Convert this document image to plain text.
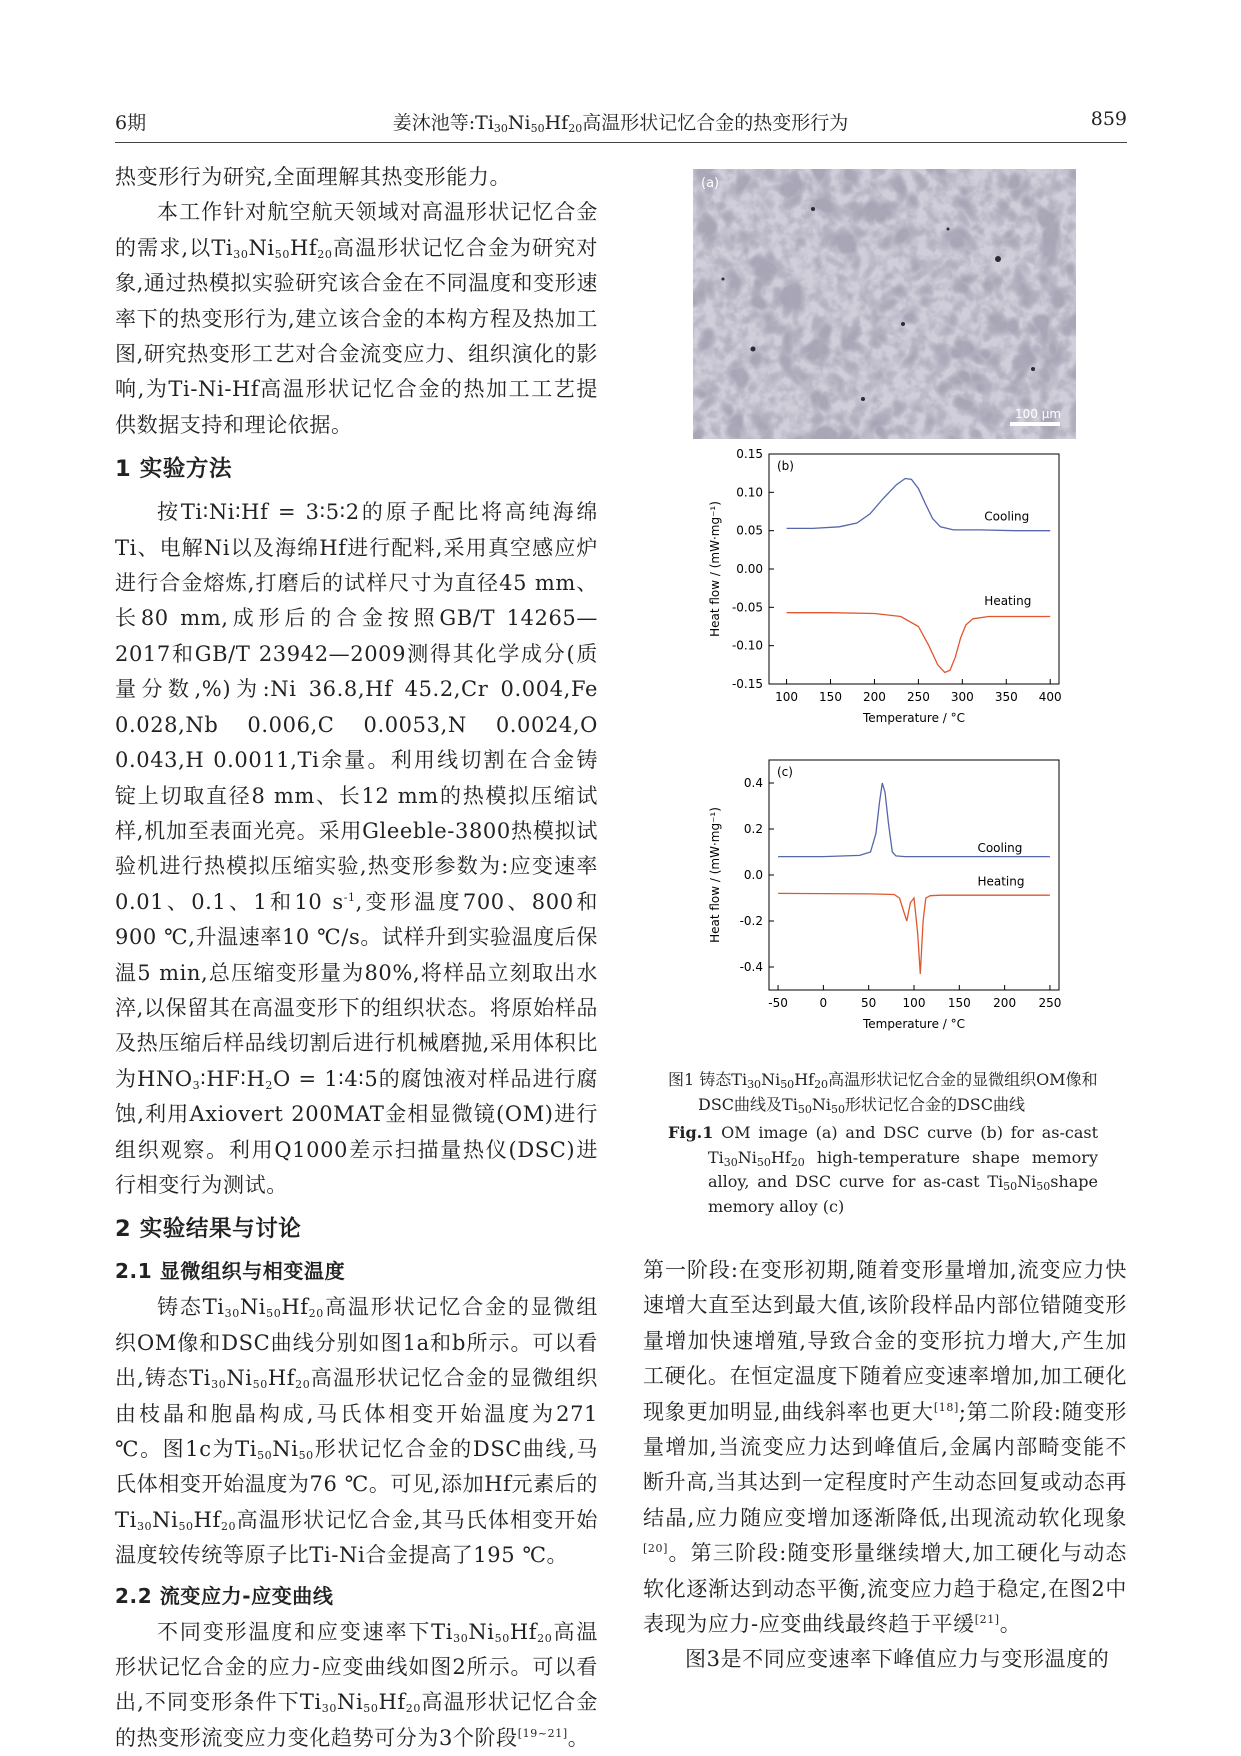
6期	姜沐池等$:Ti_{30}Ni_{50}Hf_{20}$高温形状记忆合金的热变形行为	859

热变形行为研究,全面理解其热变形能力。

本工作针对航空航天领域对高温形状记忆合金的需求,以$Ti_{30}Ni_{50}Hf_{20}$高温形状记忆合金为研究对象,通过热模拟实验研究该合金在不同温度和变形速率下的热变形行为,建立该合金的本构方程及热加工图,研究热变形工艺对合金流变应力、组织演化的影响,为Ti-Ni-Hf高温形状记忆合金的热加工工艺提供数据支持和理论依据。

1 实验方法

按Ti∶Ni∶Hf = 3∶5∶2的原子配比将高纯海绵Ti、电解Ni以及海绵Hf进行配料,采用真空感应炉进行合金熔炼,打磨后的试样尺寸为直径45 mm、长80 mm,成形后的合金按照GB/T 14265—2017和GB/T 23942—2009测得其化学成分(质量分数,%)为:Ni 36.8,Hf 45.2,Cr 0.004,Fe 0.028,Nb 0.006,C 0.0053,N 0.0024,O 0.043,H 0.0011,Ti余量。利用线切割在合金铸锭上切取直径8 mm、长12 mm的热模拟压缩试样,机加至表面光亮。采用Gleeble-3800热模拟试验机进行热模拟压缩实验,热变形参数为:应变速率0.01、0.1、1和10 $s^{-1}$,变形温度700、800和900 ℃,升温速率10 ℃/s。试样升到实验温度后保温5 min,总压缩变形量为80%,将样品立刻取出水淬,以保留其在高温变形下的组织状态。将原始样品及热压缩后样品线切割后进行机械磨抛,采用体积比为$HNO_3∶HF∶H_2O$ = 1∶4∶5的腐蚀液对样品进行腐蚀,利用Axiovert 200MAT金相显微镜(OM)进行组织观察。利用Q1000差示扫描量热仪(DSC)进行相变行为测试。

2 实验结果与讨论
2.1 显微组织与相变温度

铸态$Ti_{30}Ni_{50}Hf_{20}$高温形状记忆合金的显微组织OM像和DSC曲线分别如图1a和b所示。可以看出,铸态$Ti_{30}Ni_{50}Hf_{20}$高温形状记忆合金的显微组织由枝晶和胞晶构成,马氏体相变开始温度为271 ℃。图1c为$Ti_{50}Ni_{50}$形状记忆合金的DSC曲线,马氏体相变开始温度为76 ℃。可见,添加Hf元素后的$Ti_{30}Ni_{50}Hf_{20}$高温形状记忆合金,其马氏体相变开始温度较传统等原子比Ti-Ni合金提高了195 ℃。

2.2 流变应力-应变曲线

不同变形温度和应变速率下$Ti_{30}Ni_{50}Hf_{20}$高温形状记忆合金的应力-应变曲线如图2所示。可以看出,不同变形条件下$Ti_{30}Ni_{50}Hf_{20}$高温形状记忆合金的热变形流变应力变化趋势可分为3个阶段[19~21]。

(a)
100 μm
100 150 200 250 300 350 400
-0.15
-0.10
-0.05
0.00
0.05
0.10
0.15
Temperature / °C
Heat flow / (mW·mg⁻¹)
(b)
Cooling
Heating
-50	0	50 100 150 200 250
-0.4
-0.2
0.0
0.2
0.4
Temperature / °C
Heat flow / (mW·mg⁻¹)
(c)
Cooling
Heating
图1 铸态$Ti_{30}Ni_{50}Hf_{20}$高温形状记忆合金的显微组织OM像和DSC曲线及$Ti_{50}Ni_{50}$形状记忆合金的DSC曲线
Fig.1 OM image (a) and DSC curve (b) for as-cast $Ti_{30}Ni_{50}Hf_{20}$ high-temperature shape memory alloy, and DSC curve for as-cast $Ti_{50}Ni_{50}shape$ memory alloy (c)

第一阶段:在变形初期,随着变形量增加,流变应力快速增大直至达到最大值,该阶段样品内部位错随变形量增加快速增殖,导致合金的变形抗力增大,产生加工硬化。在恒定温度下随着应变速率增加,加工硬化现象更加明显,曲线斜率也更大[18];第二阶段:随变形量增加,当流变应力达到峰值后,金属内部畸变能不断升高,当其达到一定程度时产生动态回复或动态再结晶,应力随应变增加逐渐降低,出现流动软化现象[20]。第三阶段:随变形量继续增大,加工硬化与动态软化逐渐达到动态平衡,流变应力趋于稳定,在图2中表现为应力-应变曲线最终趋于平缓[21]。

图3是不同应变速率下峰值应力与变形温度的
